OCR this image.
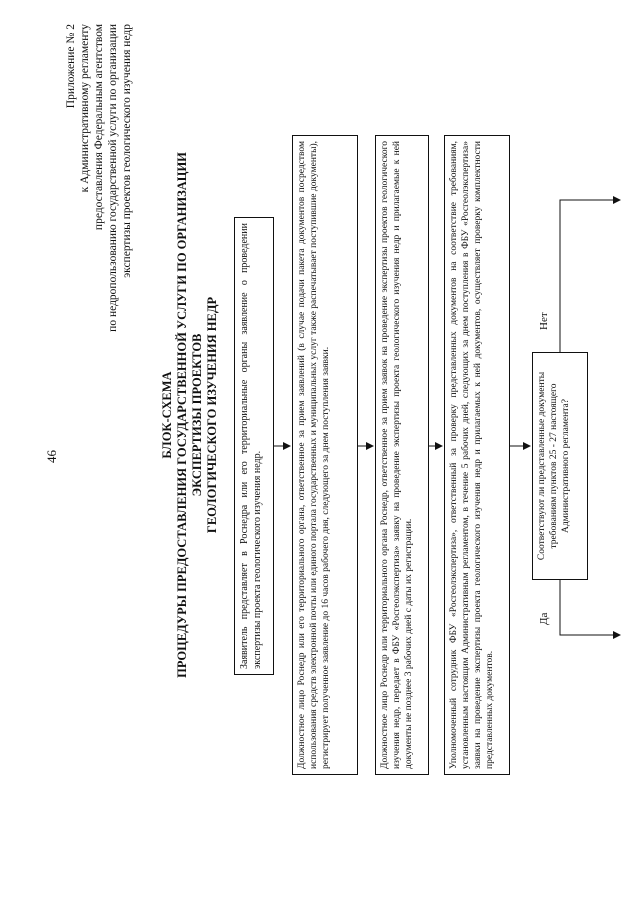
46
Приложение № 2 к Административному регламенту предоставления Федеральным агентством по недропользованию государственной услуги по организации экспертизы проектов геологического изучения недр
БЛОК-СХЕМА ПРОЦЕДУРЫ ПРЕДОСТАВЛЕНИЯ ГОСУДАРСТВЕННОЙ УСЛУГИ ПО ОРГАНИЗАЦИИ ЭКСПЕРТИЗЫ ПРОЕКТОВ ГЕОЛОГИЧЕСКОГО ИЗУЧЕНИЯ НЕДР	Заявитель представляет в Роснедра или его территориальные органы заявление о проведении экспертизы проекта геологического изучения недр.	Должностное лицо Роснедр или его территориального органа, ответственное за прием заявлений (в случае подачи пакета документов посредством использования средств электронной почты или единого портала государственных и муниципальных услуг также распечатывает поступившие документы), регистрирует полученное заявление до 16 часов рабочего дня, следующего за днем поступления заявки.	Должностное лицо Роснедр или территориального органа Роснедр, ответственное за прием заявок на проведение экспертизы проектов геологического изучения недр, передает в ФБУ «Росгеолэкспертиза» заявку на проведение экспертизы проекта геологического изучения недр и прилагаемые к ней документы не позднее 3 рабочих дней с даты их регистрации.	Уполномоченный сотрудник ФБУ «Росгеолэкспертиза», ответственный за проверку представленных документов на соответствие требованиям, установленным настоящим Административным регламентом, в течение 5 рабочих дней, следующих за днем поступления в ФБУ «Росгеолэкспертиза» заявки на проведение экспертизы проекта геологического изучения недр и прилагаемых к ней документов, осуществляет проверку комплектности представленных документов.
Соответствуют ли представленные документы требованиям пунктов 25 - 27 настоящего Административного регламента?
Да
Нет
